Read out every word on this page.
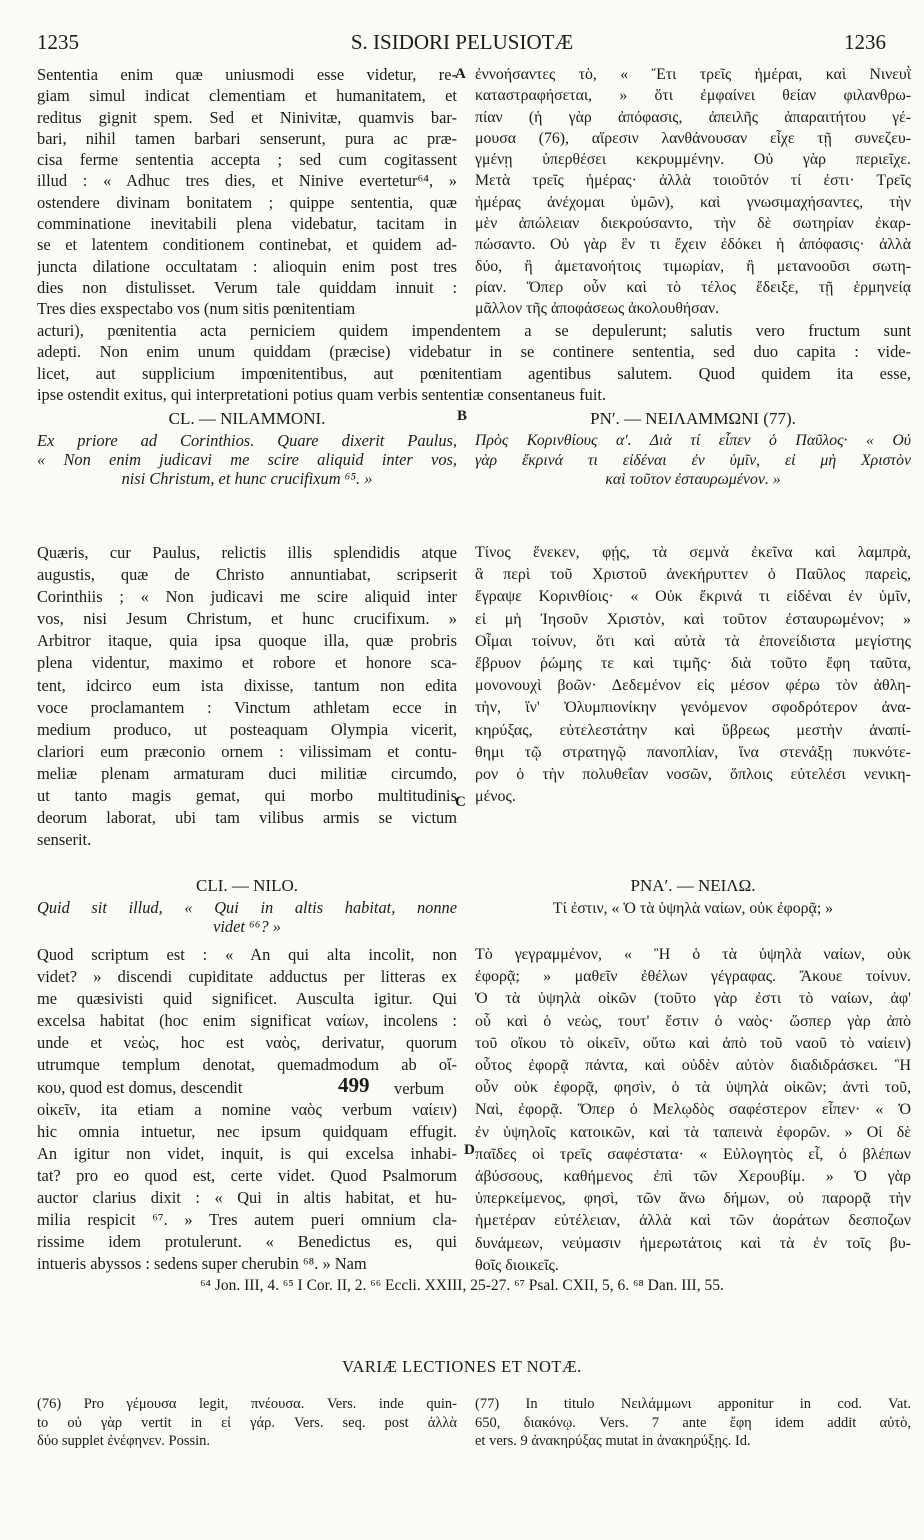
1235	S. ISIDORI PELUSIOTÆ	1236
Sententia enim quæ uniusmodi esse videtur, re-
giam simul indicat clementiam et humanitatem, et
reditus gignit spem. Sed et Ninivitæ, quamvis bar-
bari, nihil tamen barbari senserunt, pura ac præ-
cisa ferme sententia accepta ; sed cum cogitassent
illud : « Adhuc tres dies, et Ninive evertetur⁶⁴, »
ostendere divinam bonitatem ; quippe sententia, quæ
comminatione inevitabili plena videbatur, tacitam in
se et latentem conditionem continebat, et quidem ad-
juncta dilatione occultatam : alioquin enim post tres
dies non distulisset. Verum tale quiddam innuit :
Tres dies exspectabo vos (num sitis pœnitentiam
ἐννοήσαντες τὸ, « Ἔτι τρεῖς ἡμέραι, καὶ Νινευῒ
καταστραφήσεται, » ὅτι ἐμφαίνει θείαν φιλανθρω-
πίαν (ἡ γὰρ ἀπόφασις, ἀπειλῆς ἀπαραιτήτου γέ-
μουσα (76), αἵρεσιν λανθάνουσαν εἶχε τῇ συνεζευ-
γμένῃ ὑπερθέσει κεκρυμμένην. Οὐ γὰρ περιεῖχε.
Μετὰ τρεῖς ἡμέρας· ἀλλὰ τοιοῦτόν τί ἐστι· Τρεῖς
ἡμέρας ἀνέχομαι ὑμῶν), καὶ γνωσιμαχήσαντες, τὴν
μὲν ἀπώλειαν διεκρούσαντο, τὴν δὲ σωτηρίαν ἐκαρ-
πώσαντο. Οὐ γὰρ ἓν τι ἔχειν ἐδόκει ἡ ἀπόφασις· ἀλλὰ
δύο, ἢ ἀμετανοήτοις τιμωρίαν, ἢ μετανοοῦσι σωτη-
ρίαν. Ὅπερ οὖν καὶ τὸ τέλος ἔδειξε, τῇ ἑρμηνείᾳ
μᾶλλον τῆς ἀποφάσεως ἀκολουθήσαν.
A
acturi), pœnitentia acta perniciem quidem impendentem a se depulerunt; salutis vero fructum sunt
adepti. Non enim unum quiddam (præcise) videbatur in se continere sententia, sed duo capita : vide-
licet, aut supplicium impœnitentibus, aut pœnitentiam agentibus salutem. Quod quidem ita esse,
ipse ostendit exitus, qui interpretationi potius quam verbis sententiæ consentaneus fuit.
B
CL. — NILAMMONI.	ΡΝʹ. — ΝΕΙΛΑΜΜΩΝΙ (77).
Ex priore ad Corinthios. Quare dixerit Paulus,
« Non enim judicavi me scire aliquid inter vos,
nisi Christum, et hunc crucifixum ⁶⁵. »
Πρὸς Κορινθίους αʹ. Διὰ τί εἶπεν ὁ Παῦλος· « Οὐ
γὰρ ἔκρινά τι εἰδέναι ἐν ὑμῖν, εἰ μὴ Χριστὸν
καὶ τοῦτον ἐσταυρωμένον. »
Quæris, cur Paulus, relictis illis splendidis atque
augustis, quæ de Christo annuntiabat, scripserit
Corinthiis ; « Non judicavi me scire aliquid inter
vos, nisi Jesum Christum, et hunc crucifixum. »
Arbitror itaque, quia ipsa quoque illa, quæ probris
plena videntur, maximo et robore et honore sca-
tent, idcirco eum ista dixisse, tantum non edita
voce proclamantem : Vinctum athletam ecce in
medium produco, ut posteaquam Olympia vicerit,
clariori eum præconio ornem : vilissimam et contu-
meliæ plenam armaturam duci militiæ circumdo,
ut tanto magis gemat, qui morbo multitudinis
deorum laborat, ubi tam vilibus armis se victum
senserit.
Τίνος ἕνεκεν, φῄς, τὰ σεμνὰ ἐκεῖνα καὶ λαμπρὰ,
ἃ περὶ τοῦ Χριστοῦ ἀνεκήρυττεν ὁ Παῦλος παρεὶς,
ἔγραψε Κορινθίοις· « Οὐκ ἔκρινά τι εἰδέναι ἐν ὑμῖν,
εἰ μὴ Ἰησοῦν Χριστὸν, καὶ τοῦτον ἐσταυρωμένον; »
Οἶμαι τοίνυν, ὅτι καὶ αὐτὰ τὰ ἐπονείδιστα μεγίστης
ἔβρυον ῥώμης τε καὶ τιμῆς· διὰ τοῦτο ἔφη ταῦτα,
μονονουχὶ βοῶν· Δεδεμένον εἰς μέσον φέρω τὸν ἀθλη-
τὴν, ἵν' Ὀλυμπιονίκην γενόμενον σφοδρότερον ἀνα-
κηρύξας, εὐτελεστάτην καὶ ὕβρεως μεστὴν ἀναπί-
θημι τῷ στρατηγῷ πανοπλίαν, ἵνα στενάξῃ πυκνότε-
ρον ὁ τὴν πολυθεΐαν νοσῶν, ὅπλοις εὐτελέσι νενικη-
μένος.
C
CLI. — NILO.	ΡΝΑʹ. — ΝΕΙΛΩ.
Quid sit illud, « Qui in altis habitat, nonne
videt ⁶⁶? »
Τί ἐστιν, « Ὁ τὰ ὑψηλὰ ναίων, οὐκ ἐφορᾷ; »
Quod scriptum est : « An qui alta incolit, non
videt? » discendi cupiditate adductus per litteras ex
me quæsivisti quid significet. Ausculta igitur. Qui
excelsa habitat (hoc enim significat ναίων, incolens :
unde et νεὼς, hoc est ναὸς, derivatur, quorum
utrumque templum denotat, quemadmodum ab οἴ-
κου, quod est domus, descendit
οἰκεῖν, ita etiam a nomine ναὸς verbum ναίειν)
hic omnia intuetur, nec ipsum quidquam effugit.
An igitur non videt, inquit, is qui excelsa inhabi-
tat? pro eo quod est, certe videt. Quod Psalmorum
auctor clarius dixit : « Qui in altis habitat, et hu-
milia respicit ⁶⁷. » Tres autem pueri omnium cla-
rissime idem protulerunt. « Benedictus es, qui
intueris abyssos : sedens super cherubin ⁶⁸. » Nam
Τὸ γεγραμμένον, « Ἢ ὁ τὰ ὑψηλὰ ναίων, οὐκ
ἐφορᾷ; » μαθεῖν ἐθέλων γέγραφας. Ἄκουε τοίνυν.
Ὁ τὰ ὑψηλὰ οἰκῶν (τοῦτο γὰρ ἐστι τὸ ναίων, ἀφ'
οὗ καὶ ὁ νεὼς, τουτ' ἔστιν ὁ ναὸς· ὥσπερ γὰρ ἀπὸ
τοῦ οἴκου τὸ οἰκεῖν, οὕτω καὶ ἀπὸ τοῦ ναοῦ τὸ ναίειν)
οὗτος ἐφορᾷ πάντα, καὶ οὐδὲν αὐτὸν διαδιδράσκει. Ἢ
οὖν οὐκ ἐφορᾷ, φησὶν, ὁ τὰ ὑψηλὰ οἰκῶν; ἀντὶ τοῦ,
Ναὶ, ἐφορᾷ. Ὅπερ ὁ Μελῳδὸς σαφέστερον εἶπεν· « Ὁ
ἐν ὑψηλοῖς κατοικῶν, καὶ τὰ ταπεινὰ ἐφορῶν. » Οἱ δὲ
παῖδες οἱ τρεῖς σαφέστατα· « Εὐλογητὸς εἶ, ὁ βλέπων
ἀβύσσους, καθήμενος ἐπὶ τῶν Χερουβίμ. » Ὁ γὰρ
ὑπερκείμενος, φησὶ, τῶν ἄνω δήμων, οὐ παρορᾷ τὴν
ἡμετέραν εὐτέλειαν, ἀλλὰ καὶ τῶν ἀοράτων δεσποζων
δυνάμεων, νεύμασιν ἡμερωτάτοις καὶ τὰ ἐν τοῖς βυ-
θοῖς διοικεῖς.
499 verbum
D
⁶⁴ Jon. III, 4. ⁶⁵ I Cor. II, 2. ⁶⁶ Eccli. XXIII, 25-27. ⁶⁷ Psal. CXII, 5, 6. ⁶⁸ Dan. III, 55.
VARIÆ LECTIONES ET NOTÆ.
(76) Pro γέμουσα legit, πνέουσα. Vers. inde quin-
to οὐ γὰρ vertit in εἰ γάρ. Vers. seq. post ἀλλὰ
δύο supplet ἐνέφηνεν. Possin.
(77) In titulo Νειλάμμωνι apponitur in cod. Vat.
650, διακόνῳ. Vers. 7 ante ἔφη idem addit αὐτὸ,
et vers. 9 ἀνακηρύξας mutat in ἀνακηρύξῃς. Id.
